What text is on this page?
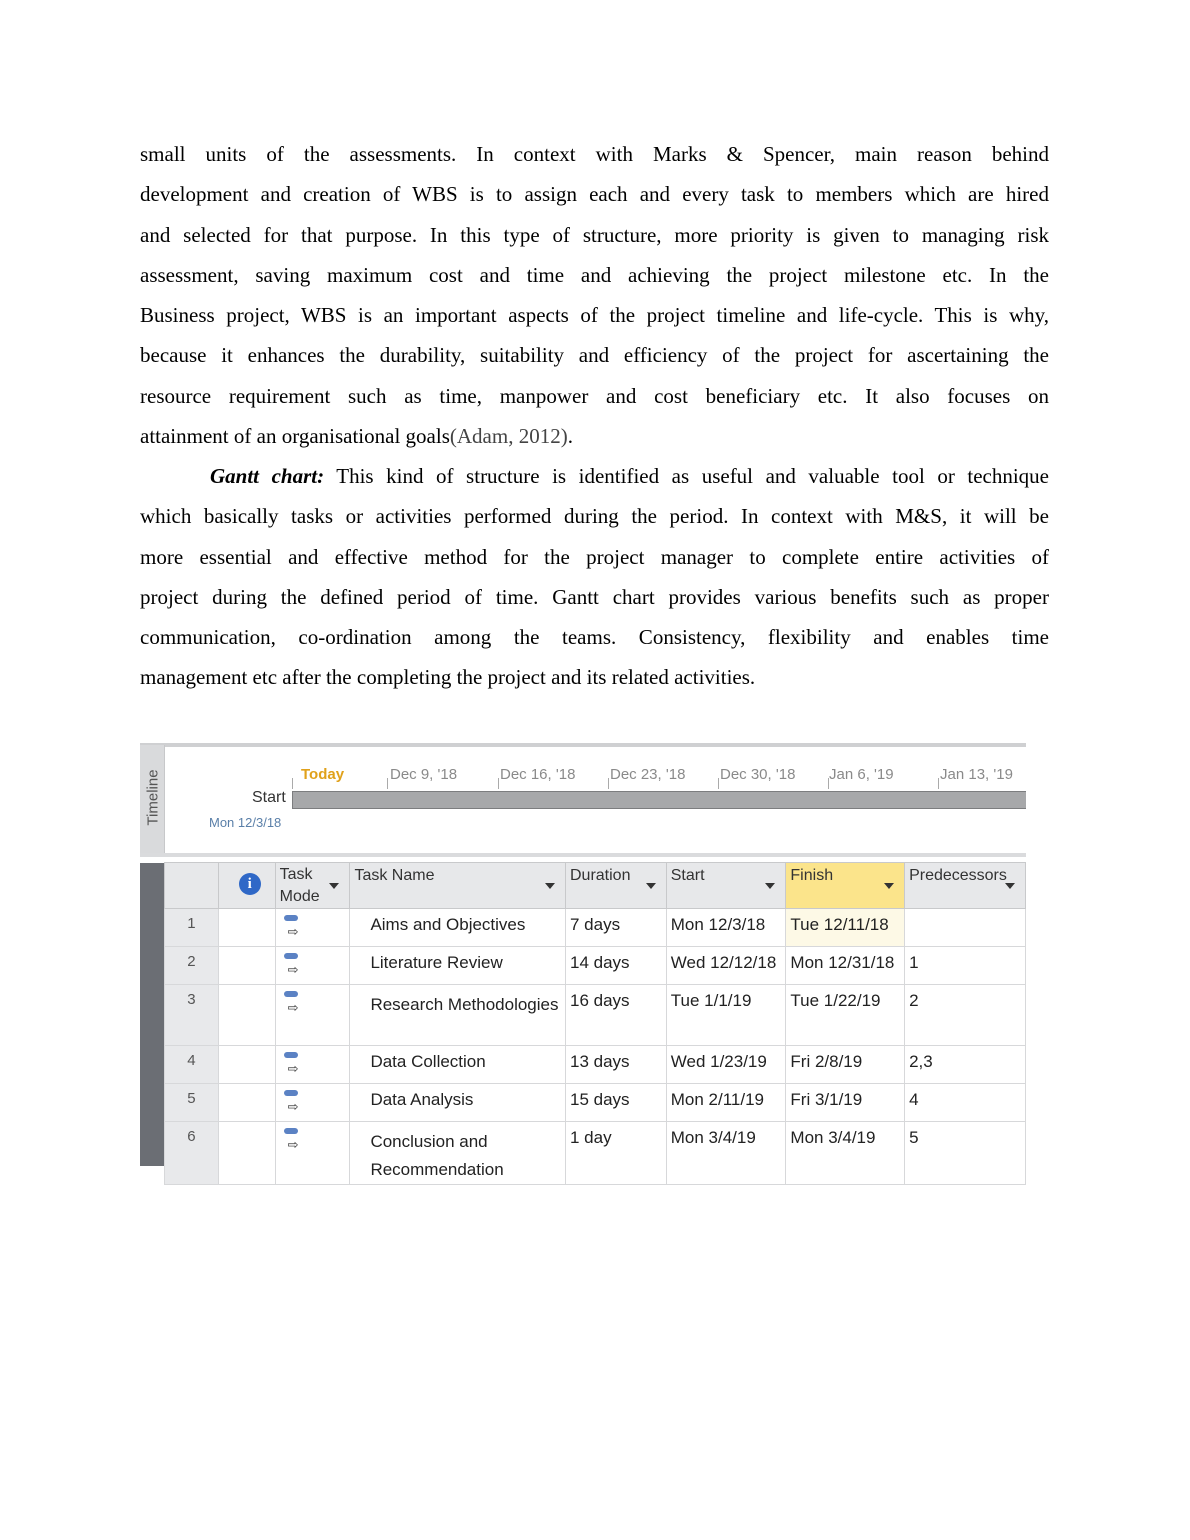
small units of the assessments. In context with Marks & Spencer, main reason behind
development and creation of WBS is to assign each and every task to members which are hired
and selected for that purpose. In this type of structure, more priority is given to managing risk
assessment, saving maximum cost and time and achieving the project milestone etc. In the
Business project, WBS is an important aspects of the project timeline and life-cycle. This is why,
because it enhances the durability, suitability and efficiency of the project for ascertaining the
resource requirement such as time, manpower and cost beneficiary etc. It also focuses on
attainment of an organisational goals(Adam, 2012).
Gantt chart: This kind of structure is identified as useful and valuable tool or technique
which basically tasks or activities performed during the period. In context with M&S, it will be
more essential and effective method for the project manager to complete entire activities of
project during the defined period of time. Gantt chart provides various benefits such as proper
communication, co-ordination among the teams. Consistency, flexibility and enables time
management etc after the completing the project and its related activities.
Timeline	Today	Dec 9, '18	Dec 16, '18 Dec 23, '18 Dec 30, '18 Jan 6, '19	Jan 13, '19
Start
Mon 12/3/18
	i	Task Mode	Task Name	Duration	Start	Finish	Predecessors

1		⇨	Aims and Objectives	7 days	Mon 12/3/18	Tue 12/11/18	
2		⇨	Literature Review	14 days	Wed 12/12/18	Mon 12/31/18	1
3		⇨	Research Methodologies	16 days	Tue 1/1/19	Tue 1/22/19	2
4		⇨	Data Collection	13 days	Wed 1/23/19	Fri 2/8/19	2,3
5		⇨	Data Analysis	15 days	Mon 2/11/19	Fri 3/1/19	4
6		⇨	Conclusion and Recommendation	1 day	Mon 3/4/19	Mon 3/4/19	5
